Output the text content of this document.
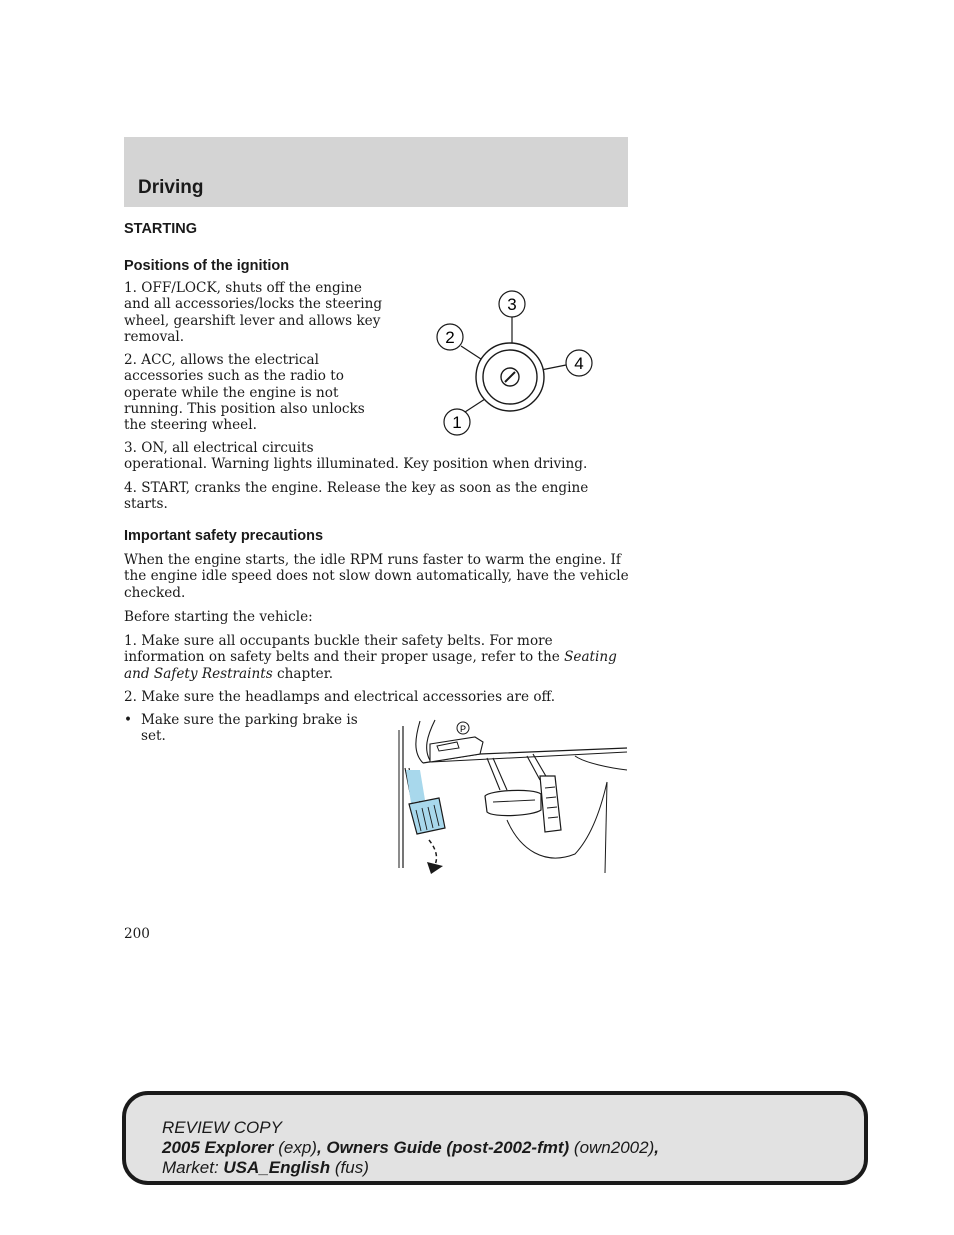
Driving
STARTING
Positions of the ignition

1. OFF/LOCK, shuts off the engine and all accessories/locks the steering wheel, gearshift lever and allows key removal.

2. ACC, allows the electrical accessories such as the radio to operate while the engine is not running. This position also unlocks the steering wheel.

3. ON, all electrical circuits
operational. Warning lights illuminated. Key position when driving.

4. START, cranks the engine. Release the key as soon as the engine starts.

3
2
4
1
Important safety precautions

When the engine starts, the idle RPM runs faster to warm the engine. If the engine idle speed does not slow down automatically, have the vehicle checked.

Before starting the vehicle:

1. Make sure all occupants buckle their safety belts. For more information on safety belts and their proper usage, refer to the Seating and Safety Restraints chapter.

2. Make sure the headlamps and electrical accessories are off.

• Make sure the parking brake is set.	P

200

REVIEW COPY
2005 Explorer (exp), Owners Guide (post-2002-fmt) (own2002),
Market: USA_English (fus)
